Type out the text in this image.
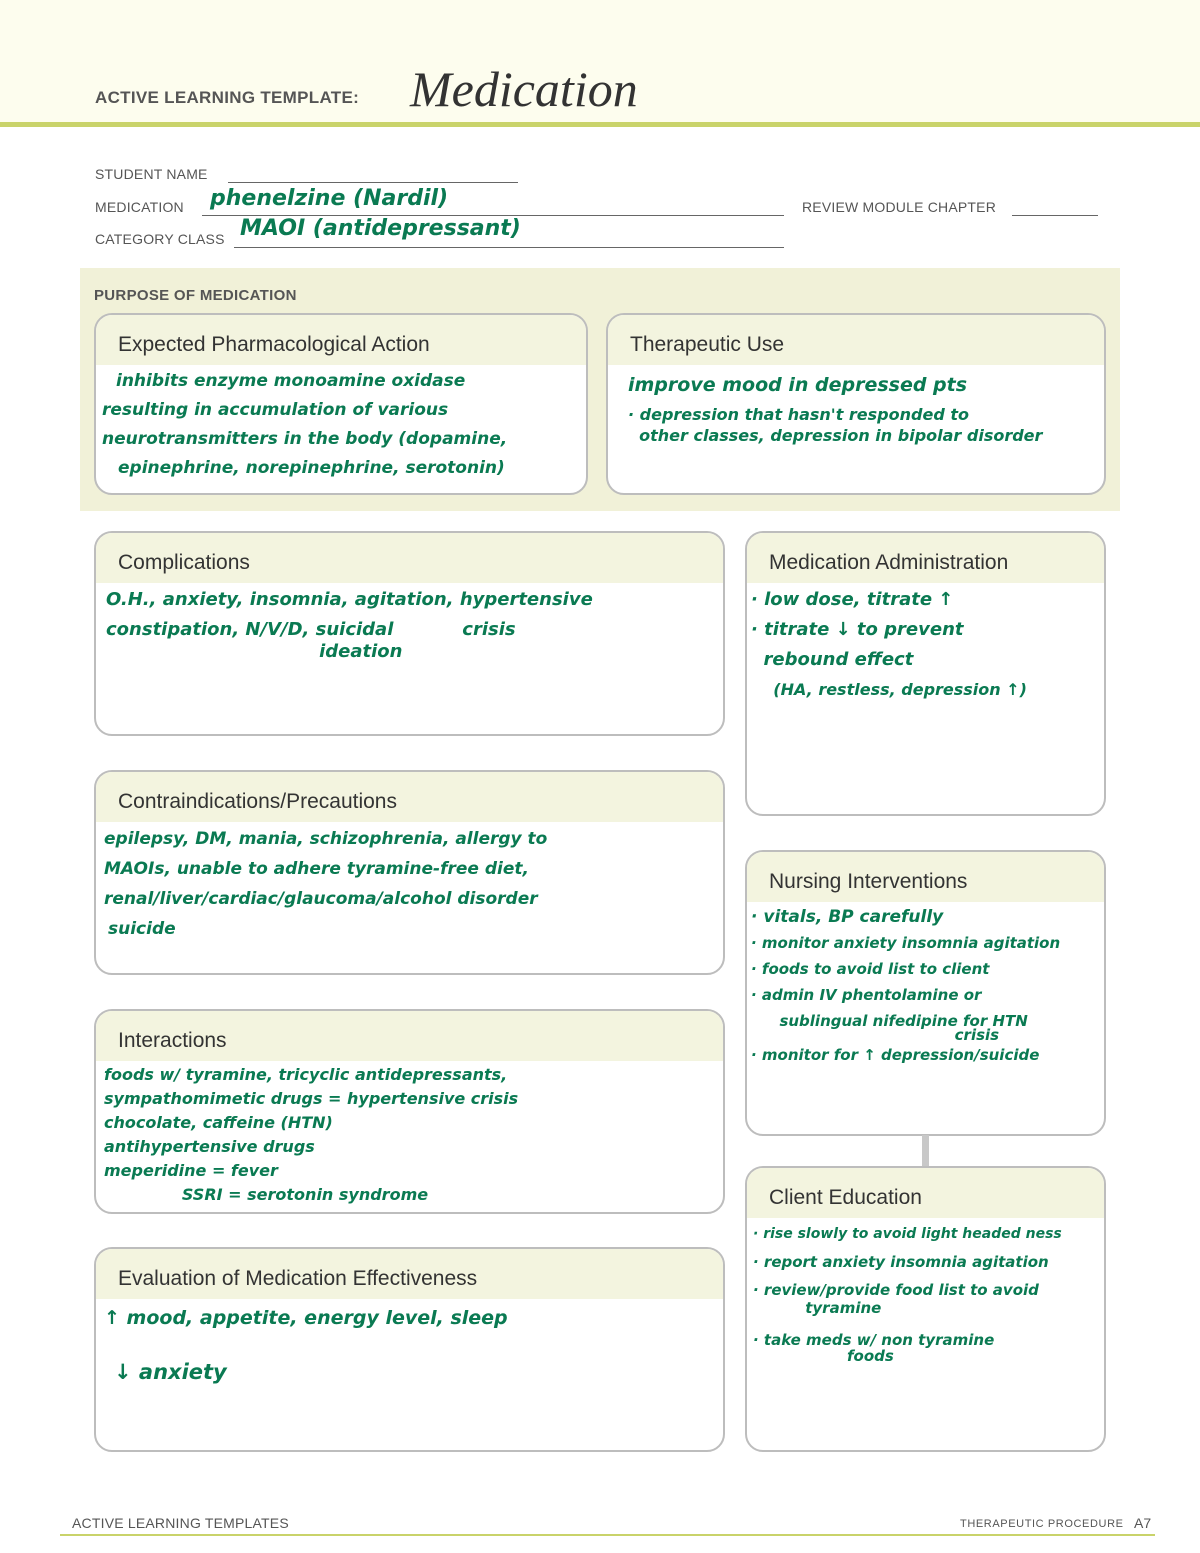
ACTIVE LEARNING TEMPLATE: Medication
STUDENT NAME
MEDICATION phenelzine (Nardil)	REVIEW MODULE CHAPTER
CATEGORY CLASS MAOI (antidepressant)
PURPOSE OF MEDICATION
Expected Pharmacological Action
inhibits enzyme monoamine oxidase
resulting in accumulation of various
neurotransmitters in the body (dopamine,
epinephrine, norepinephrine, serotonin)
Therapeutic Use
improve mood in depressed pts
· depression that hasn't responded to
other classes, depression in bipolar disorder
Complications
O.H., anxiety, insomnia, agitation, hypertensive
constipation, N/V/D, suicidal           crisis
ideation
Medication Administration
· low dose, titrate ↑
· titrate ↓ to prevent
rebound effect
(HA, restless, depression ↑)
Contraindications/Precautions
epilepsy, DM, mania, schizophrenia, allergy to
MAOIs, unable to adhere tyramine-free diet,
renal/liver/cardiac/glaucoma/alcohol disorder
suicide
Nursing Interventions
· vitals, BP carefully
· monitor anxiety insomnia agitation
· foods to avoid list to client
· admin IV phentolamine or
sublingual nifedipine for HTN
crisis
· monitor for ↑ depression/suicide
Interactions
foods w/ tyramine, tricyclic antidepressants,
sympathomimetic drugs = hypertensive crisis
chocolate, caffeine (HTN)
antihypertensive drugs
meperidine = fever
SSRI = serotonin syndrome	Client Education
· rise slowly to avoid light headed ness
· report anxiety insomnia agitation
· review/provide food list to avoid
tyramine
· take meds w/ non tyramine
foods
Evaluation of Medication Effectiveness
↑ mood, appetite, energy level, sleep
↓ anxiety
ACTIVE LEARNING TEMPLATES	THERAPEUTIC PROCEDURE A7
